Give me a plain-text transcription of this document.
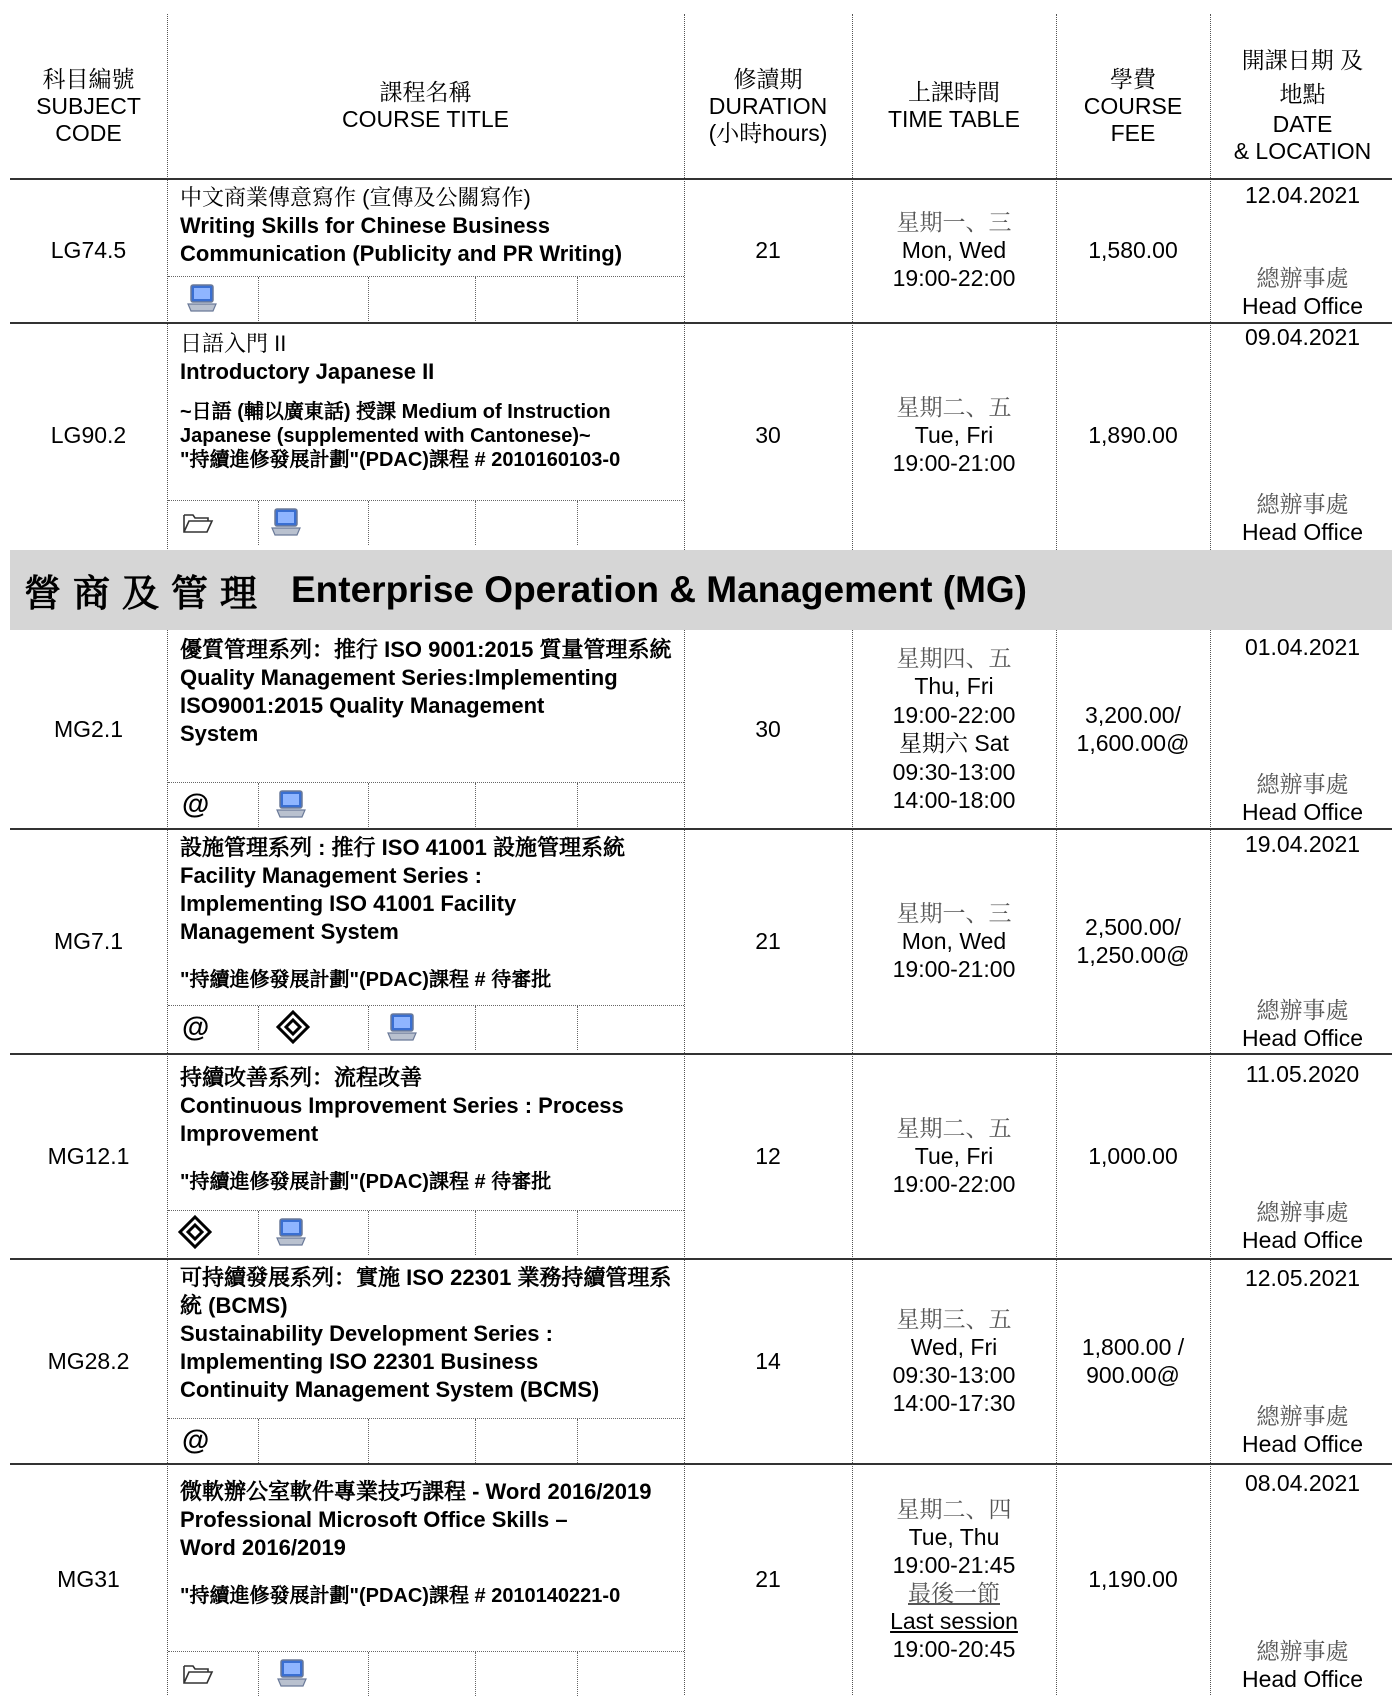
科目編號
SUBJECT
CODE
課程名稱
COURSE TITLE
修讀期
DURATION
(小時hours)
上課時間
TIME TABLE
學費
COURSE
FEE
開課日期 及
地點
DATE
& LOCATION
LG74.5
中文商業傳意寫作 (宣傳及公關寫作)
Writing Skills for Chinese Business
Communication (Publicity and PR Writing)	21
星期一、三
Mon, Wed
19:00-22:00
1,580.00
12.04.2021
總辦事處
Head Office
LG90.2
日語入門 II
Introductory Japanese II
~日語 (輔以廣東話) 授課 Medium of Instruction
Japanese (supplemented with Cantonese)~
"持續進修發展計劃"(PDAC)課程 # 2010160103-0
30
星期二、五
Tue, Fri
19:00-21:00
1,890.00
09.04.2021
總辦事處
Head Office
營商及管理 Enterprise Operation & Management (MG)
MG2.1
優質管理系列：推行 ISO 9001:2015 質量管理系統
Quality Management Series:Implementing
ISO9001:2015 Quality Management
System
@
30
星期四、五
Thu, Fri
19:00-22:00
星期六 Sat
09:30-13:00
14:00-18:00
3,200.00/
1,600.00@
01.04.2021
總辦事處
Head Office
MG7.1
設施管理系列 : 推行 ISO 41001 設施管理系統
Facility Management Series :
Implementing ISO 41001 Facility
Management System
"持續進修發展計劃"(PDAC)課程 # 待審批
@
21
星期一、三
Mon, Wed
19:00-21:00
2,500.00/
1,250.00@
19.04.2021
總辦事處
Head Office
MG12.1
持續改善系列：流程改善
Continuous Improvement Series : Process
Improvement
"持續進修發展計劃"(PDAC)課程 # 待審批
12
星期二、五
Tue, Fri
19:00-22:00
1,000.00
11.05.2020
總辦事處
Head Office
MG28.2
可持續發展系列：實施 ISO 22301 業務持續管理系統 (BCMS)
Sustainability Development Series :
Implementing ISO 22301 Business
Continuity Management System (BCMS)
@
14
星期三、五
Wed, Fri
09:30-13:00
14:00-17:30
1,800.00 /
900.00@
12.05.2021
總辦事處
Head Office
MG31
微軟辦公室軟件專業技巧課程 - Word 2016/2019
Professional Microsoft Office Skills –
Word 2016/2019
"持續進修發展計劃"(PDAC)課程 # 2010140221-0
21
星期二、四
Tue, Thu
19:00-21:45
最後一節
Last session
19:00-20:45
1,190.00
08.04.2021
總辦事處
Head Office
